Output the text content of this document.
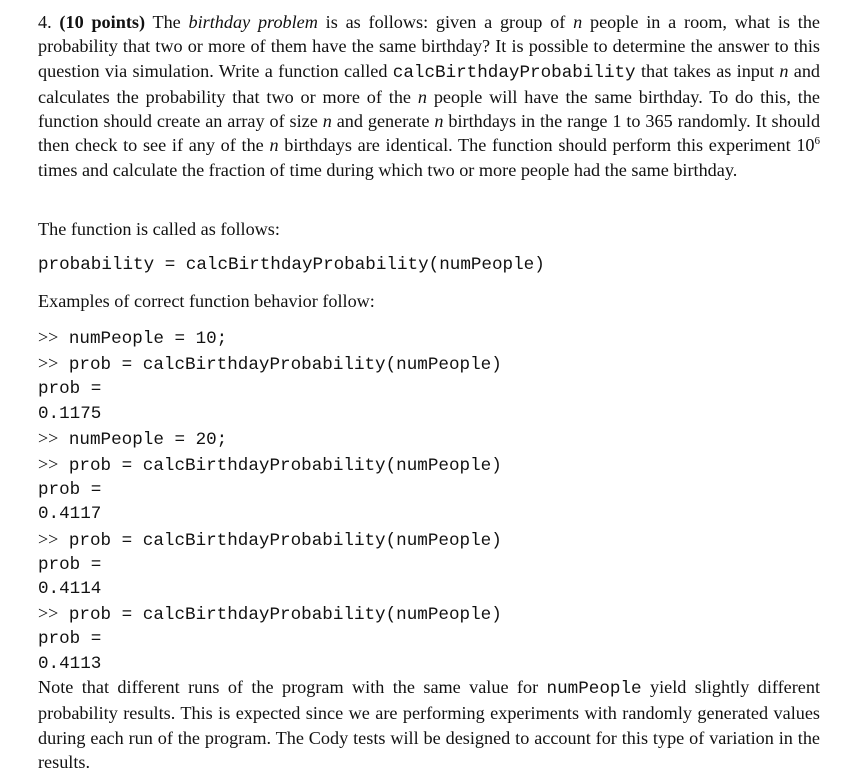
4. (10 points) The birthday problem is as follows: given a group of n people in a room, what is the probability that two or more of them have the same birthday? It is possible to determine the answer to this question via simulation. Write a function called calcBirthdayProbability that takes as input n and calculates the probability that two or more of the n people will have the same birthday. To do this, the function should create an array of size n and generate n birthdays in the range 1 to 365 randomly. It should then check to see if any of the n birthdays are identical. The function should perform this experiment $10^6$ times and calculate the fraction of time during which two or more people had the same birthday.

The function is called as follows:

probability = calcBirthdayProbability(numPeople)

Examples of correct function behavior follow:

>> numPeople = 10;

>> prob = calcBirthdayProbability(numPeople)

prob =

0.1175

>> numPeople = 20;

>> prob = calcBirthdayProbability(numPeople)

prob =

0.4117

>> prob = calcBirthdayProbability(numPeople)

prob =

0.4114

>> prob = calcBirthdayProbability(numPeople)

prob =

0.4113

Note that different runs of the program with the same value for numPeople yield slightly different probability results. This is expected since we are performing experiments with randomly generated values during each run of the program. The Cody tests will be designed to account for this type of variation in the results.
